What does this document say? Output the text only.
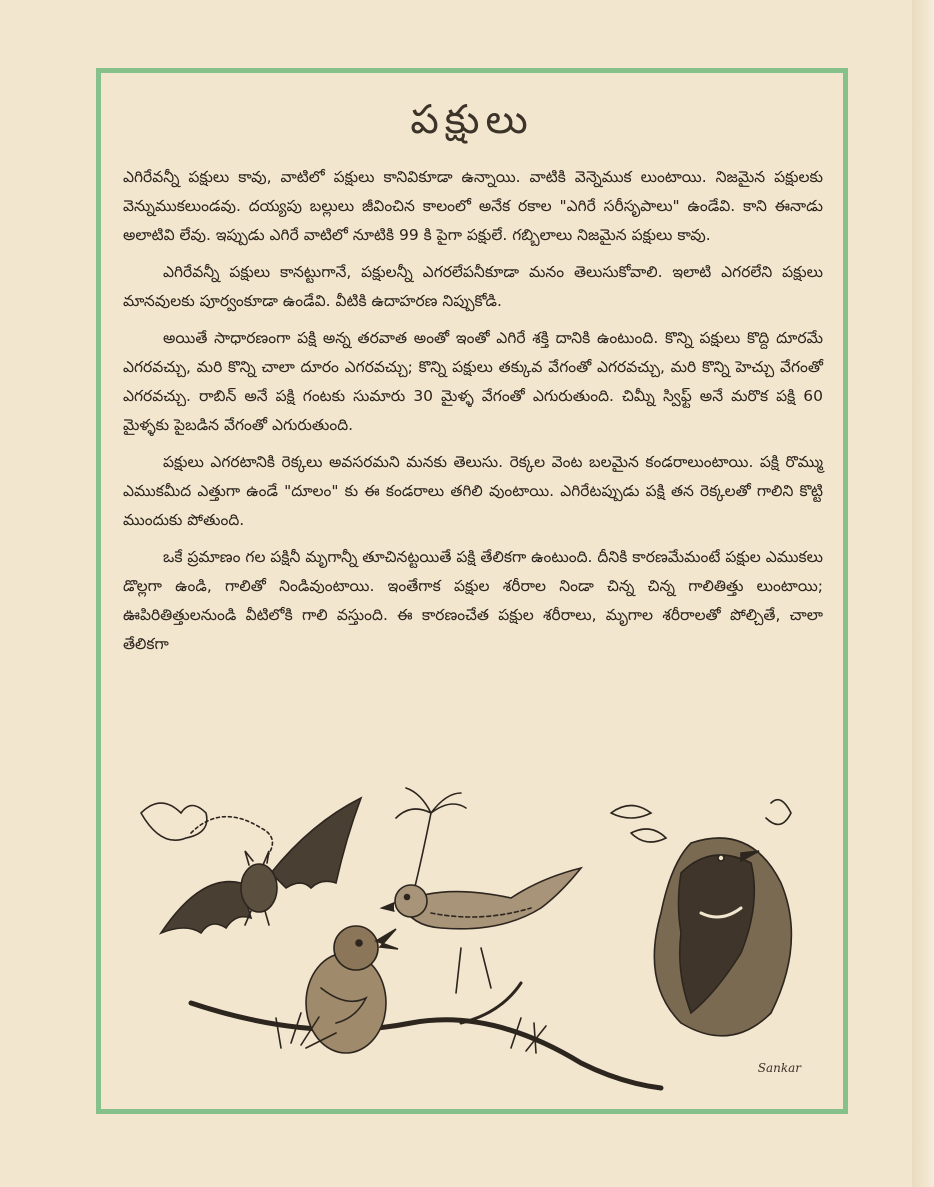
పక్షులు

ఎగిరేవన్నీ పక్షులు కావు, వాటిలో పక్షులు కానివికూడా ఉన్నాయి. వాటికి వెన్నెముక లుంటాయి. నిజమైన పక్షులకు వెన్నుముకలుండవు. దయ్యపు బల్లులు జీవించిన కాలంలో అనేక రకాల "ఎగిరే సరీసృపాలు" ఉండేవి. కాని ఈనాడు అలాటివి లేవు. ఇప్పుడు ఎగిరే వాటిలో నూటికి 99 కి పైగా పక్షులే. గబ్బిలాలు నిజమైన పక్షులు కావు.

ఎగిరేవన్నీ పక్షులు కానట్టుగానే, పక్షులన్నీ ఎగరలేపనీకూడా మనం తెలుసుకోవాలి. ఇలాటి ఎగరలేని పక్షులు మానవులకు పూర్వంకూడా ఉండేవి. వీటికి ఉదాహరణ నిప్పుకోడి.

అయితే సాధారణంగా పక్షి అన్న తరవాత అంతో ఇంతో ఎగిరే శక్తి దానికి ఉంటుంది. కొన్ని పక్షులు కొద్ది దూరమే ఎగరవచ్చు, మరి కొన్ని చాలా దూరం ఎగరవచ్చు; కొన్ని పక్షులు తక్కువ వేగంతో ఎగరవచ్చు, మరి కొన్ని హెచ్చు వేగంతో ఎగరవచ్చు. రాబిన్ అనే పక్షి గంటకు సుమారు 30 మైళ్ళ వేగంతో ఎగురుతుంది. చిమ్నీ స్విఫ్ట్ అనే మరొక పక్షి 60 మైళ్ళకు పైబడిన వేగంతో ఎగురుతుంది.

పక్షులు ఎగరటానికి రెక్కలు అవసరమని మనకు తెలుసు. రెక్కల వెంట బలమైన కండరాలుంటాయి. పక్షి రొమ్ము ఎముకమీద ఎత్తుగా ఉండే "దూలం" కు ఈ కండరాలు తగిలి వుంటాయి. ఎగిరేటప్పుడు పక్షి తన రెక్కలతో గాలిని కొట్టి ముందుకు పోతుంది.

ఒకే ప్రమాణం గల పక్షినీ మృగాన్నీ తూచినట్టయితే పక్షి తేలికగా ఉంటుంది. దీనికి కారణమేమంటే పక్షుల ఎముకలు డొల్లగా ఉండి, గాలితో నిండివుంటాయి. ఇంతేగాక పక్షుల శరీరాల నిండా చిన్న చిన్న గాలితిత్తు లుంటాయి; ఊపిరితిత్తులనుండి వీటిలోకి గాలి వస్తుంది. ఈ కారణంచేత పక్షుల శరీరాలు, మృగాల శరీరాలతో పోల్చితే, చాలా తేలికగా

Sankar
